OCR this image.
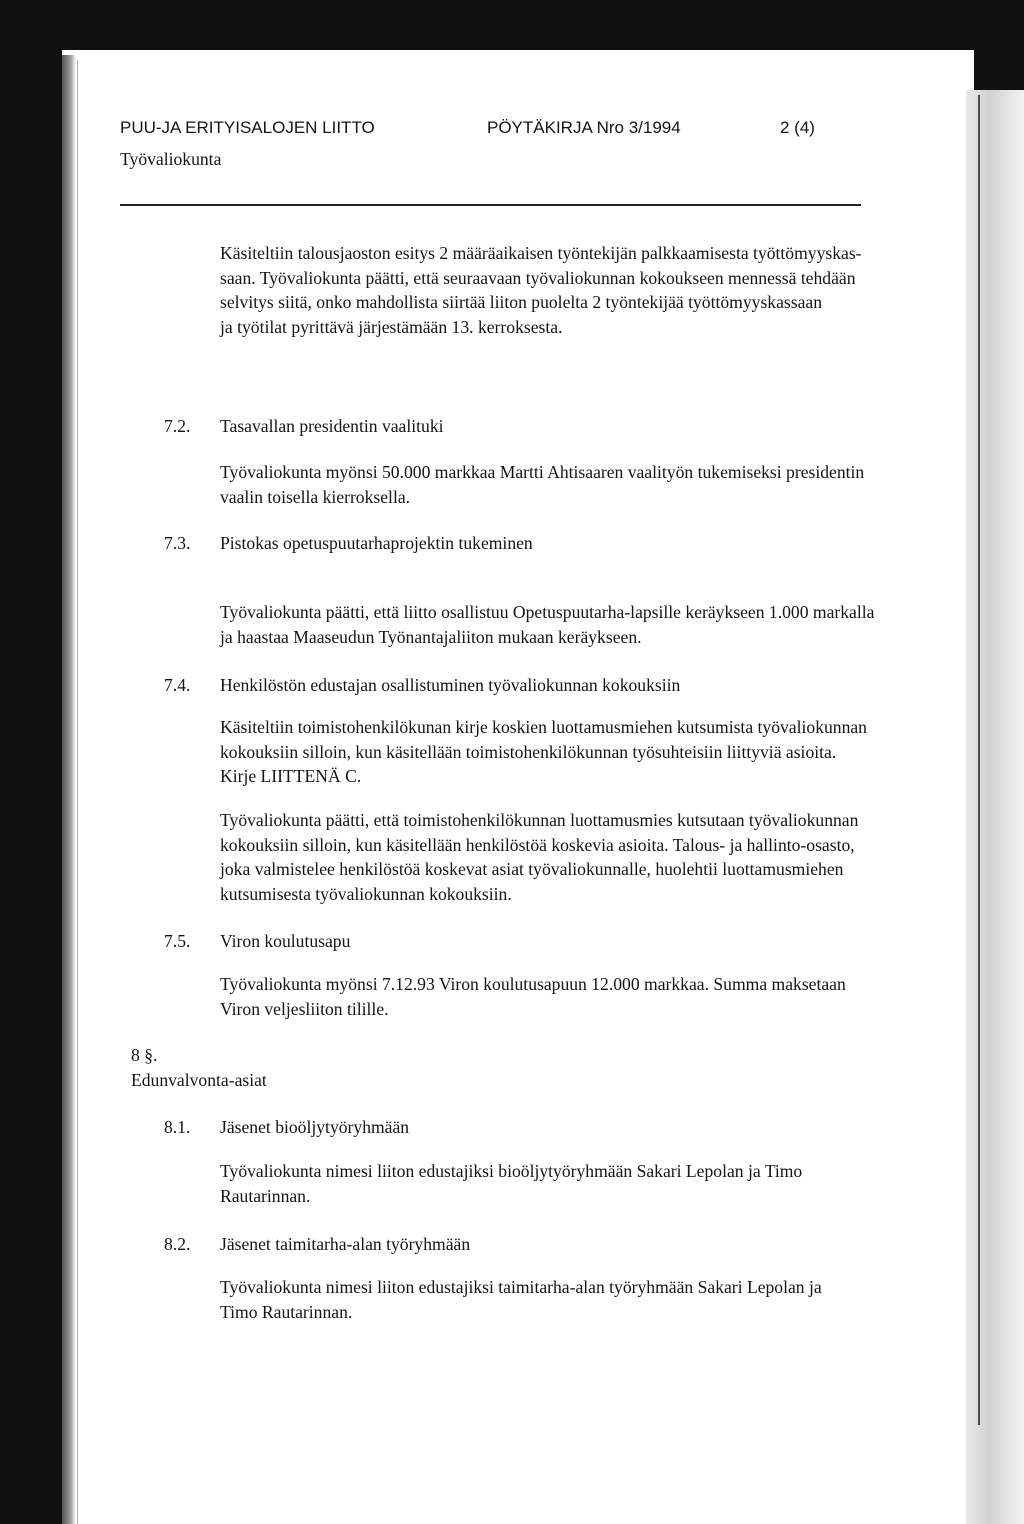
PUU-JA ERITYISALOJEN LIITTO	PÖYTÄKIRJA Nro 3/1994	2 (4)

Työvaliokunta

Käsiteltiin talousjaoston esitys 2 määräaikaisen työntekijän palkkaamisesta työttömyyskas-
saan. Työvaliokunta päätti, että seuraavaan työvaliokunnan kokoukseen mennessä tehdään
selvitys siitä, onko mahdollista siirtää liiton puolelta 2 työntekijää työttömyyskassaan
ja työtilat pyrittävä järjestämään 13. kerroksesta.

7.2. Tasavallan presidentin vaalituki

Työvaliokunta myönsi 50.000 markkaa Martti Ahtisaaren vaalityön tukemiseksi presidentin
vaalin toisella kierroksella.

7.3. Pistokas opetuspuutarhaprojektin tukeminen

Työvaliokunta päätti, että liitto osallistuu Opetuspuutarha-lapsille keräykseen 1.000 markalla
ja haastaa Maaseudun Työnantajaliiton mukaan keräykseen.

7.4. Henkilöstön edustajan osallistuminen työvaliokunnan kokouksiin

Käsiteltiin toimistohenkilökunan kirje koskien luottamusmiehen kutsumista työvaliokunnan
kokouksiin silloin, kun käsitellään toimistohenkilökunnan työsuhteisiin liittyviä asioita.
Kirje LIITTENÄ C.
Työvaliokunta päätti, että toimistohenkilökunnan luottamusmies kutsutaan työvaliokunnan
kokouksiin silloin, kun käsitellään henkilöstöä koskevia asioita. Talous- ja hallinto-osasto,
joka valmistelee henkilöstöä koskevat asiat työvaliokunnalle, huolehtii luottamusmiehen
kutsumisesta työvaliokunnan kokouksiin.

7.5. Viron koulutusapu

Työvaliokunta myönsi 7.12.93 Viron koulutusapuun 12.000 markkaa. Summa maksetaan
Viron veljesliiton tilille.

8 §.

Edunvalvonta-asiat

8.1. Jäsenet bioöljytyöryhmään

Työvaliokunta nimesi liiton edustajiksi bioöljytyöryhmään Sakari Lepolan ja Timo
Rautarinnan.

8.2. Jäsenet taimitarha-alan työryhmään

Työvaliokunta nimesi liiton edustajiksi taimitarha-alan työryhmään Sakari Lepolan ja
Timo Rautarinnan.
